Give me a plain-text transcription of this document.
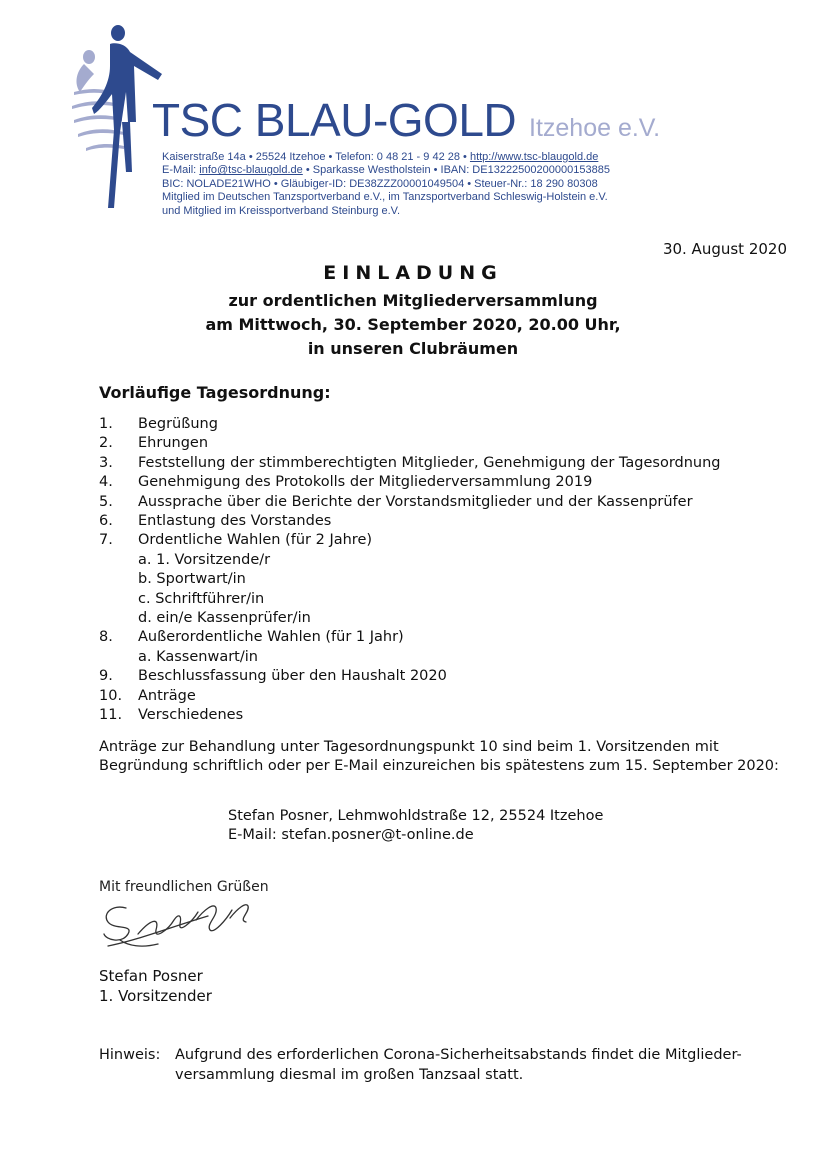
TSC BLAU-GOLD Itzehoe e.V.
Kaiserstraße 14a • 25524 Itzehoe • Telefon: 0 48 21 - 9 42 28 • http://www.tsc-blaugold.de
E-Mail: info@tsc-blaugold.de • Sparkasse Westholstein • IBAN: DE13222500200000153885
BIC: NOLADE21WHO • Gläubiger-ID: DE38ZZZ00001049504 • Steuer-Nr.: 18 290 80308
Mitglied im Deutschen Tanzsportverband e.V., im Tanzsportverband Schleswig-Holstein e.V.
und Mitglied im Kreissportverband Steinburg e.V.
30. August 2020
EINLADUNG
zur ordentlichen Mitgliederversammlung
am Mittwoch, 30. September 2020, 20.00 Uhr,
in unseren Clubräumen
Vorläufige Tagesordnung:
1.	Begrüßung
2.	Ehrungen
3.	Feststellung der stimmberechtigten Mitglieder, Genehmigung der Tagesordnung
4.	Genehmigung des Protokolls der Mitgliederversammlung 2019
5.	Aussprache über die Berichte der Vorstandsmitglieder und der Kassenprüfer
6.	Entlastung des Vorstandes
7.	Ordentliche Wahlen (für 2 Jahre)
a. 1. Vorsitzende/r
b. Sportwart/in
c. Schriftführer/in
d. ein/e Kassenprüfer/in
8.	Außerordentliche Wahlen (für 1 Jahr)
a. Kassenwart/in
9.	Beschlussfassung über den Haushalt 2020
10.	Anträge
11.	Verschiedenes
Anträge zur Behandlung unter Tagesordnungspunkt 10 sind beim 1. Vorsitzenden mit Begründung schriftlich oder per E-Mail einzureichen bis spätestens zum 15. September 2020:
Stefan Posner, Lehmwohldstraße 12, 25524 Itzehoe
E-Mail: stefan.posner@t-online.de
Mit freundlichen Grüßen
Stefan Posner
1. Vorsitzender
Hinweis:	Aufgrund des erforderlichen Corona-Sicherheitsabstands findet die Mitglieder-versammlung diesmal im großen Tanzsaal statt.
